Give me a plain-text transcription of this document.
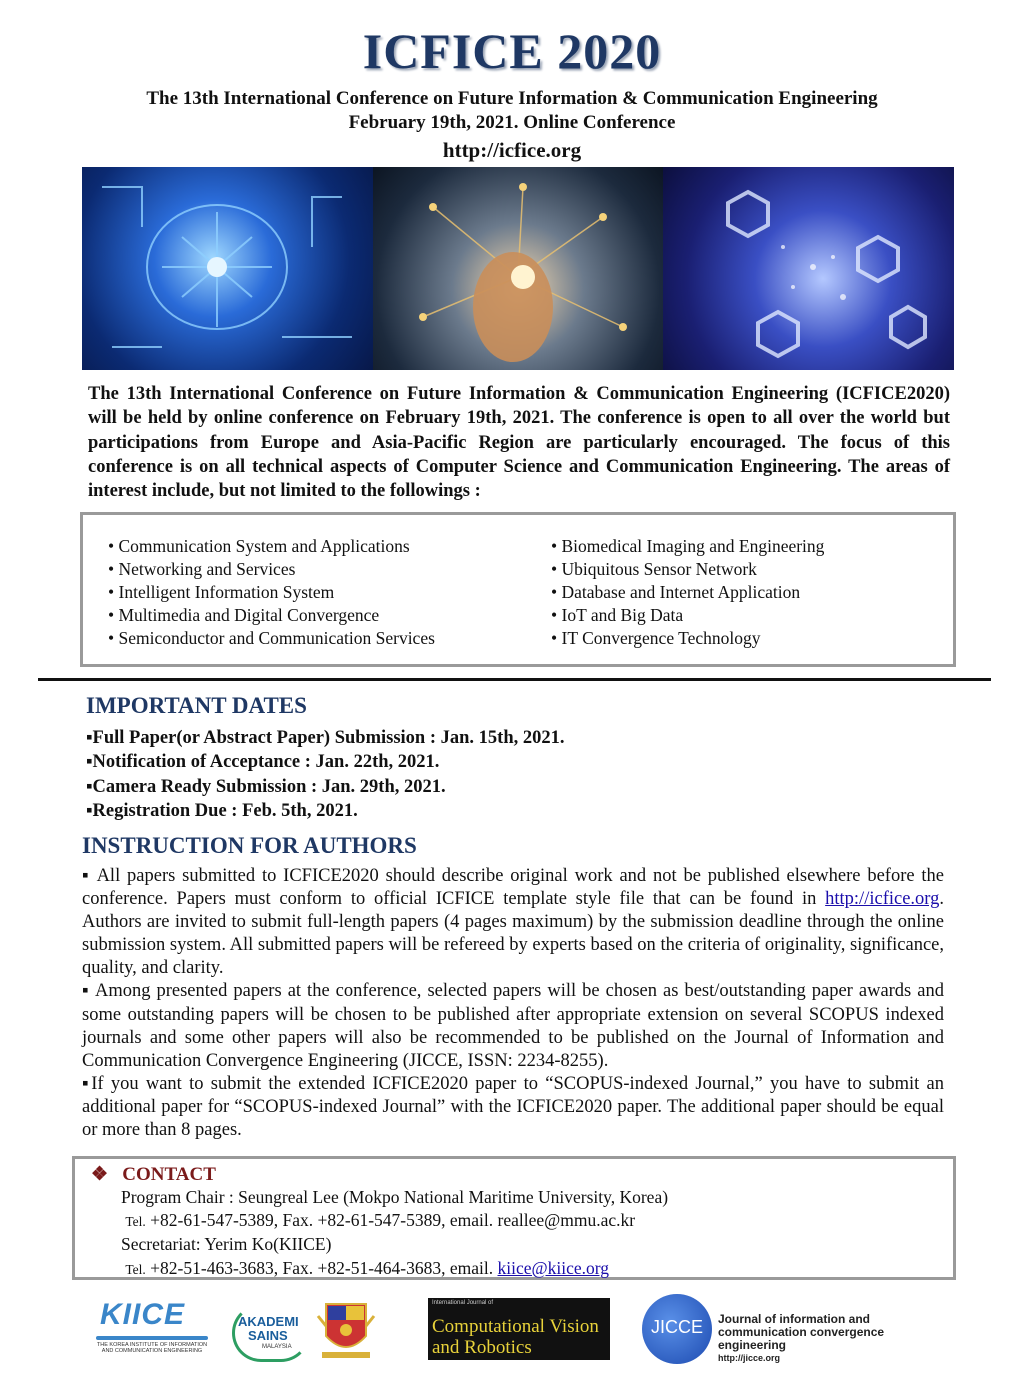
ICFICE 2020
The 13th International Conference on Future Information & Communication Engineering
February 19th, 2021. Online Conference
http://icfice.org
The 13th International Conference on Future Information & Communication Engineering (ICFICE2020) will be held by online conference on February 19th, 2021. The conference is open to all over the world but participations from Europe and Asia-Pacific Region are particularly encouraged. The focus of this conference is on all technical aspects of Computer Science and Communication Engineering. The areas of interest include, but not limited to the followings :
• Communication System and Applications
• Networking and Services
• Intelligent Information System
• Multimedia and Digital Convergence
• Semiconductor and Communication Services
• Biomedical Imaging and Engineering
• Ubiquitous Sensor Network
• Database and Internet Application
• IoT and Big Data
• IT Convergence Technology
IMPORTANT DATES
▪Full Paper(or Abstract Paper) Submission : Jan. 15th, 2021.
▪Notification of Acceptance : Jan. 22th, 2021.
▪Camera Ready Submission : Jan. 29th, 2021.
▪Registration Due : Feb. 5th, 2021.
INSTRUCTION FOR AUTHORS
▪ All papers submitted to ICFICE2020 should describe original work and not be published elsewhere before the conference. Papers must conform to official ICFICE template style file that can be found in http://icfice.org. Authors are invited to submit full-length papers (4 pages maximum) by the submission deadline through the online submission system. All submitted papers will be refereed by experts based on the criteria of originality, significance, quality, and clarity.
▪ Among presented papers at the conference, selected papers will be chosen as best/outstanding paper awards and some outstanding papers will be chosen to be published after appropriate extension on several SCOPUS indexed journals and some other papers will also be recommended to be published on the Journal of Information and Communication Convergence Engineering (JICCE, ISSN: 2234-8255).
▪If you want to submit the extended ICFICE2020 paper to “SCOPUS-indexed Journal,” you have to submit an additional paper for “SCOPUS-indexed Journal” with the ICFICE2020 paper. The additional paper should be equal or more than 8 pages.
❖ CONTACT
Program Chair : Seungreal Lee (Mokpo National Maritime University, Korea)
Tel. +82-61-547-5389, Fax. +82-61-547-5389, email. reallee@mmu.ac.kr
Secretariat: Yerim Ko(KIICE)
Tel. +82-51-463-3683, Fax. +82-51-464-3683, email. kiice@kiice.org
KIICE
THE KOREA INSTITUTE OF INFORMATION AND COMMUNICATION ENGINEERING
AKADEMI
SAINS
MALAYSIA
International Journal of
Computational Vision and Robotics
JICCE	Journal of information and
communication convergence engineering
http://jicce.org
